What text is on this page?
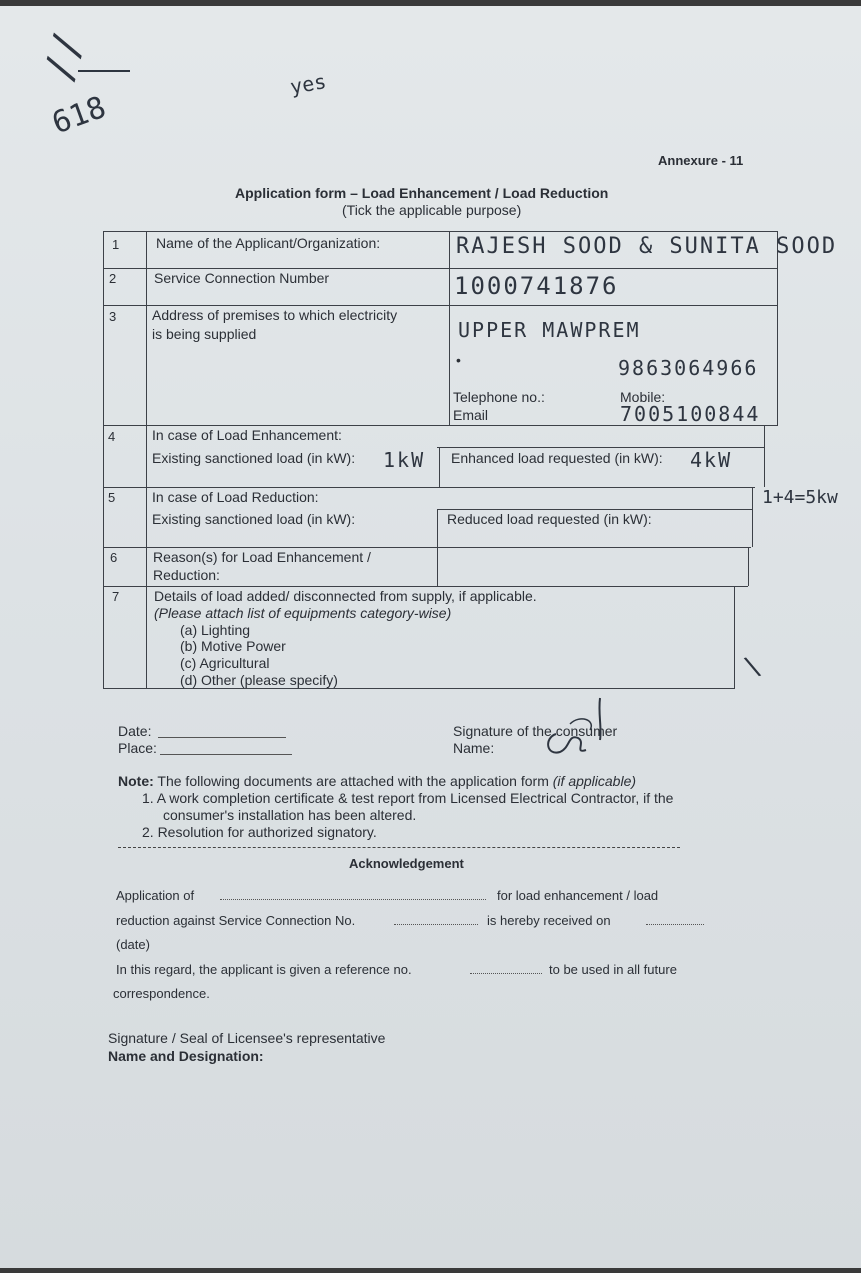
//
618
yes
Annexure - 11
Application form – Load Enhancement / Load Reduction
(Tick the applicable purpose)
1	Name of the Applicant/Organization:	RAJESH SOOD & SUNITA SOOD
2	Service Connection Number	1000741876
3	Address of premises to which electricity
is being supplied	UPPER MAWPREM
•	9863064966
Telephone no.:	Mobile:
Email	7005100844
4	In case of Load Enhancement:
Existing sanctioned load (in kW): 1kW Enhanced load requested (in kW): 4kW
5	In case of Load Reduction:
Existing sanctioned load (in kW):	Reduced load requested (in kW):
1+4=5kw
6	Reason(s) for Load Enhancement /
Reduction:
7 Details of load added/ disconnected from supply, if applicable.
(Please attach list of equipments category-wise)
(a) Lighting
(b) Motive Power
(c) Agricultural
(d) Other (please specify)	\
Date:
Place:
Signature of the consumer
Name:
Note: The following documents are attached with the application form (if applicable)
1. A work completion certificate & test report from Licensed Electrical Contractor, if the
consumer's installation has been altered.
2. Resolution for authorized signatory.
Acknowledgement
Application of	for load enhancement / load
reduction against Service Connection No.	is hereby received on
(date)
In this regard, the applicant is given a reference no.	to be used in all future
correspondence.
Signature / Seal of Licensee's representative
Name and Designation:
